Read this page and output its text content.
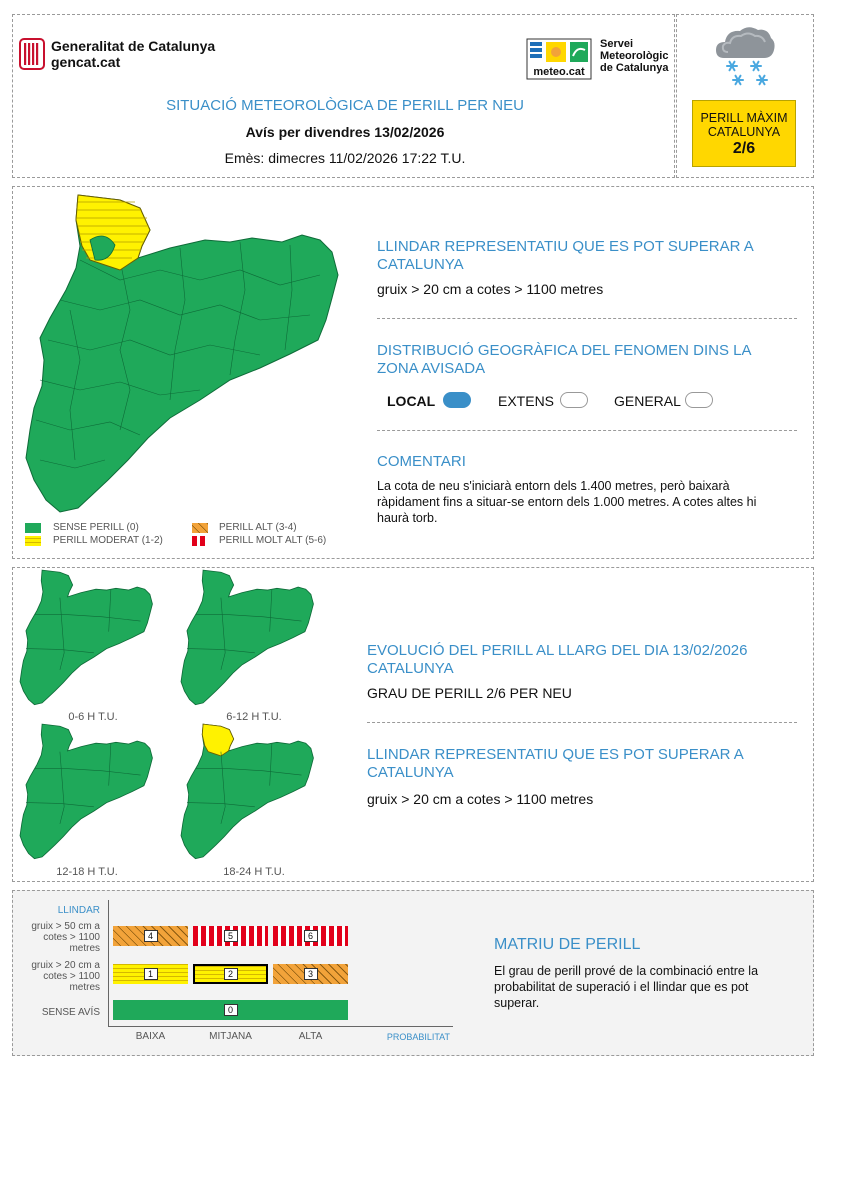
Generalitat de Catalunya
gencat.cat
meteo.cat
Servei
Meteorològic
de Catalunya
SITUACIÓ METEOROLÒGICA DE PERILL PER NEU
Avís per divendres 13/02/2026
Emès: dimecres 11/02/2026 17:22 T.U.
PERILL MÀXIM
CATALUNYA
2/6
SENSE PERILL (0)
PERILL MODERAT (1-2)
PERILL ALT (3-4)
PERILL MOLT ALT (5-6)
LLINDAR REPRESENTATIU QUE ES POT SUPERAR A CATALUNYA
gruix > 20 cm a cotes > 1100 metres
DISTRIBUCIÓ GEOGRÀFICA DEL FENOMEN DINS LA ZONA AVISADA
LOCAL	EXTENS	GENERAL
COMENTARI
La cota de neu s'iniciarà entorn dels 1.400 metres, però baixarà ràpidament fins a situar-se entorn dels 1.000 metres. A cotes altes hi haurà torb.
0-6 H T.U.	6-12 H T.U.
12-18 H T.U.	18-24 H T.U.
EVOLUCIÓ DEL PERILL AL LLARG DEL DIA 13/02/2026 CATALUNYA
GRAU DE PERILL 2/6 PER NEU
LLINDAR REPRESENTATIU QUE ES POT SUPERAR A CATALUNYA
gruix > 20 cm a cotes > 1100 metres
LLINDAR
gruix > 50 cm a cotes > 1100 metres
gruix > 20 cm a cotes > 1100 metres
SENSE AVÍS
4	5	6
1	2	3
0
BAIXA	MITJANA	ALTA	PROBABILITAT
MATRIU DE PERILL
El grau de perill prové de la combinació entre la probabilitat de superació i el llindar que es pot superar.
